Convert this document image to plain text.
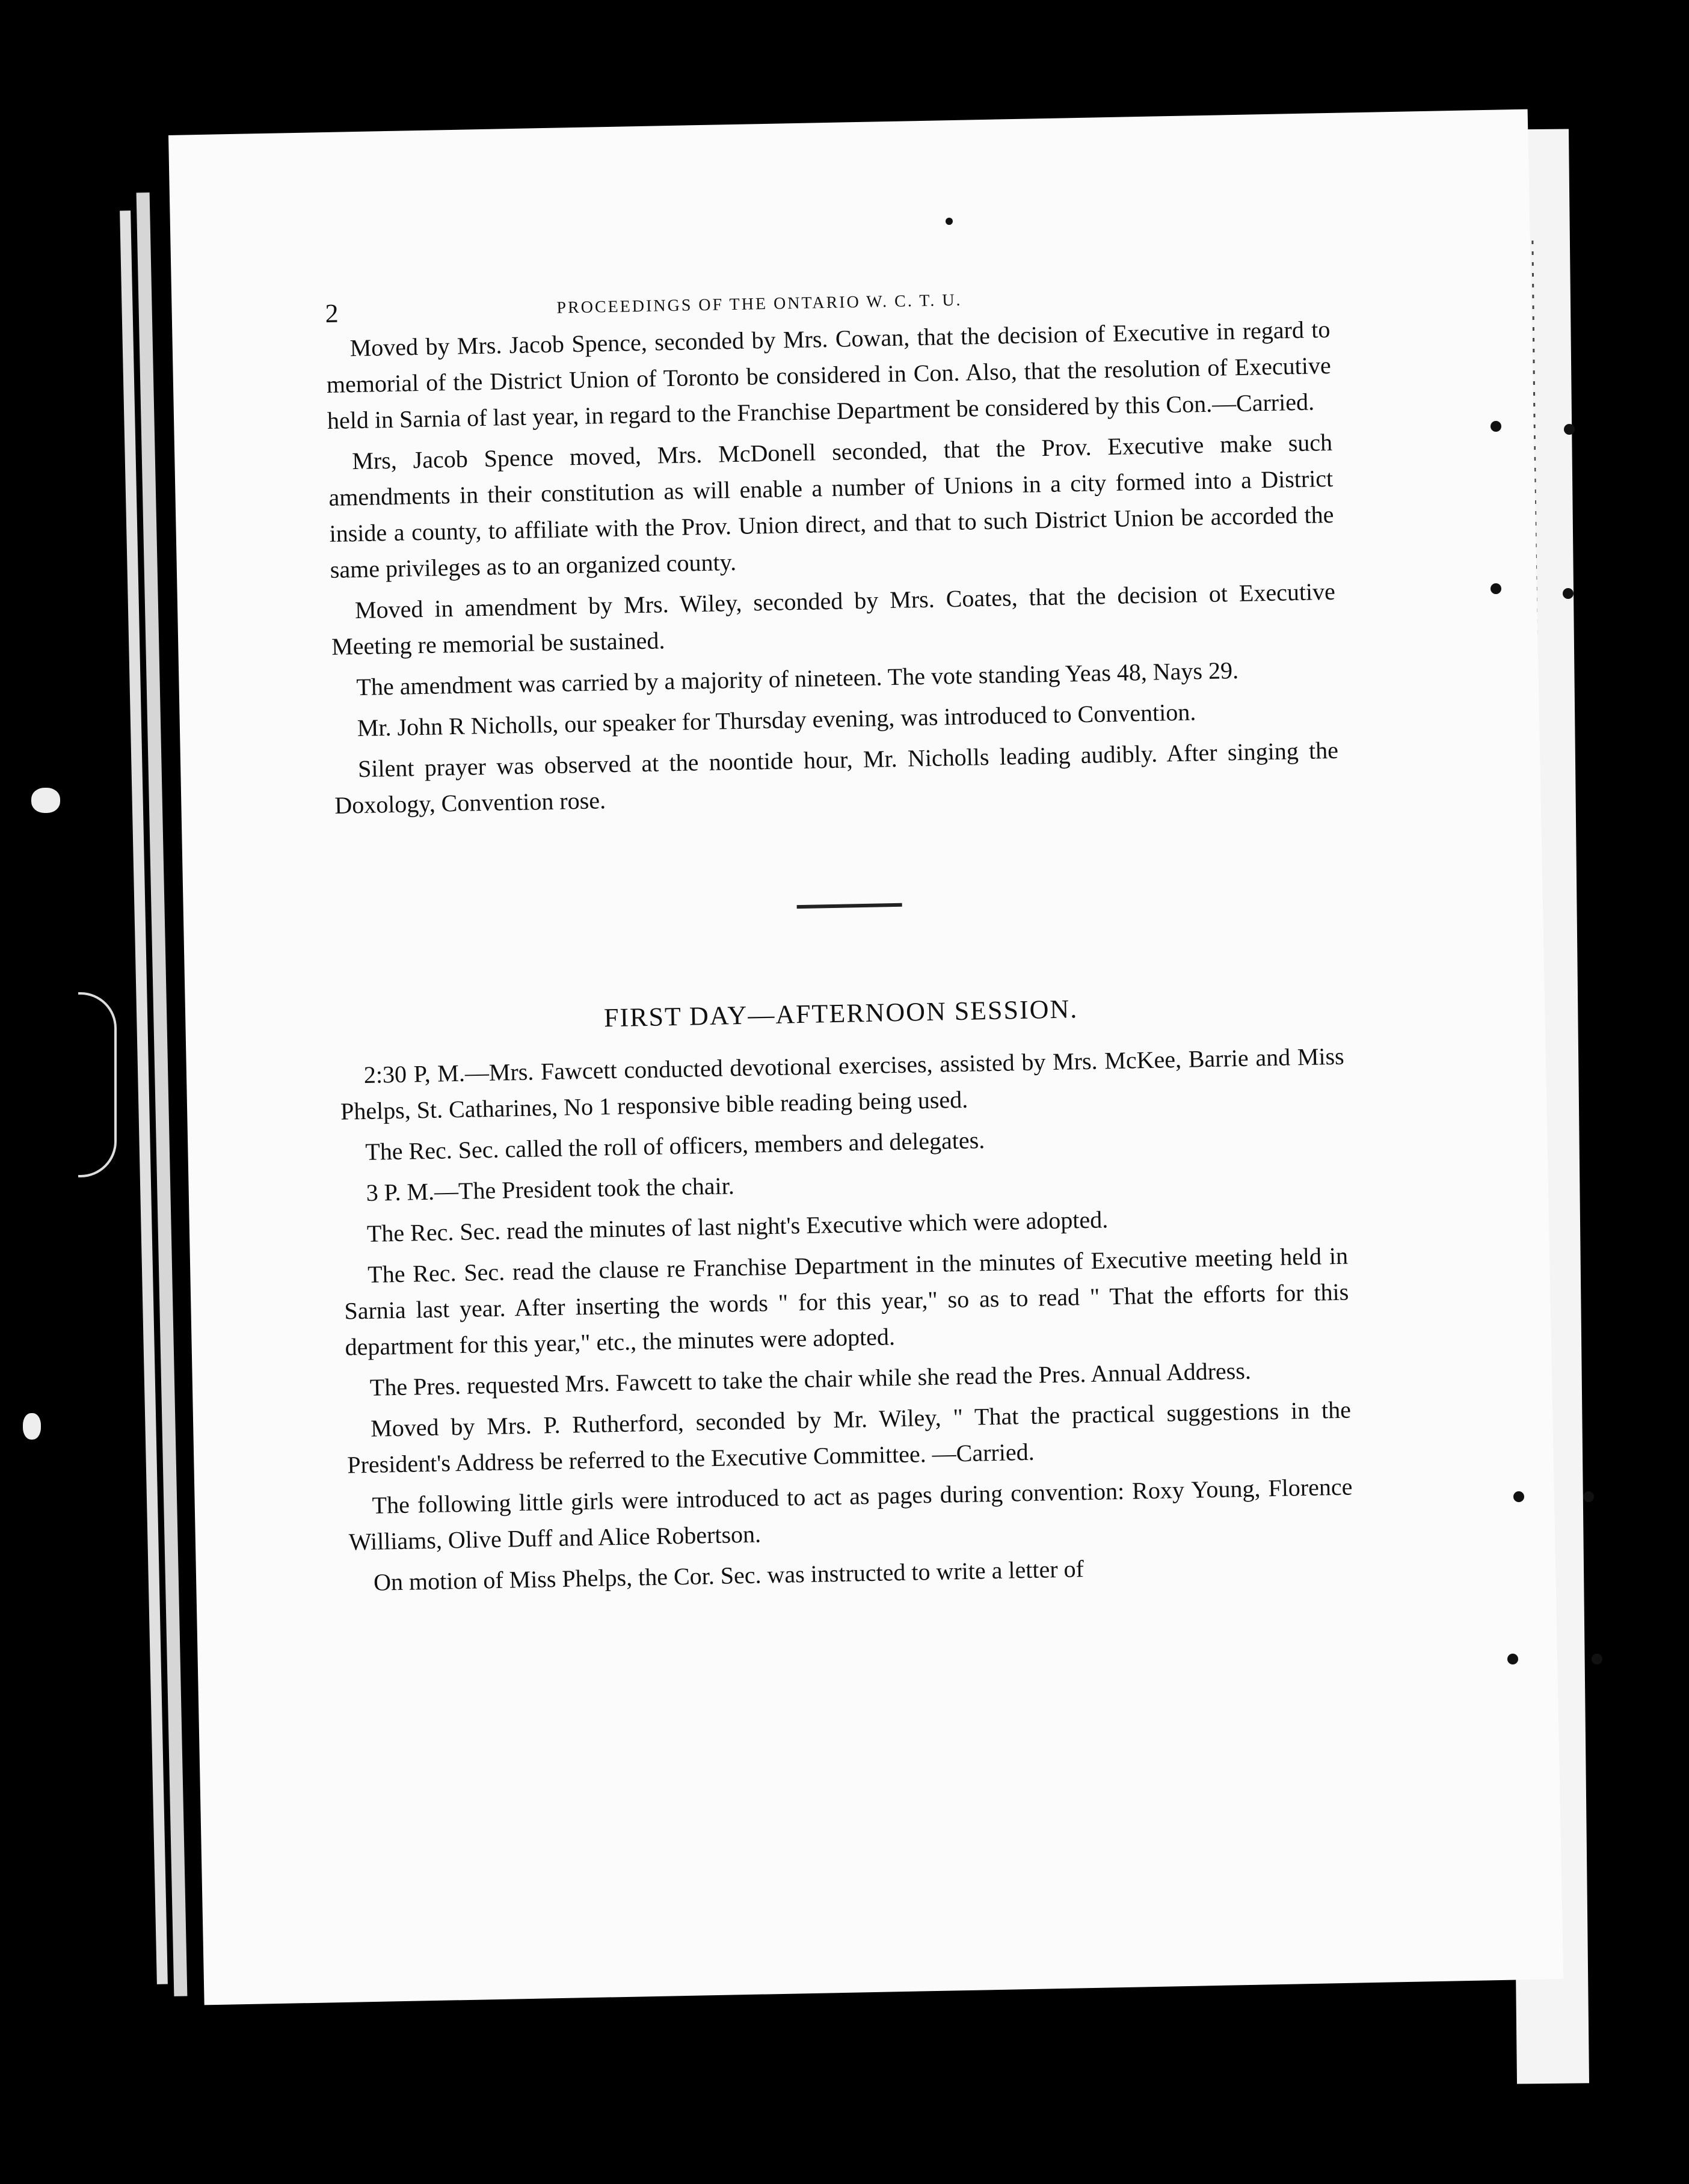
2	PROCEEDINGS OF THE ONTARIO W. C. T. U.

Moved by Mrs. Jacob Spence, seconded by Mrs. Cowan, that the decision of Executive in regard to memorial of the District Union of Toronto be considered in Con. Also, that the resolution of Executive held in Sarnia of last year, in regard to the Franchise Department be considered by this Con.—Carried.

Mrs, Jacob Spence moved, Mrs. McDonell seconded, that the Prov. Executive make such amendments in their constitution as will enable a number of Unions in a city formed into a District inside a county, to affiliate with the Prov. Union direct, and that to such District Union be accorded the same privileges as to an organized county.

Moved in amendment by Mrs. Wiley, seconded by Mrs. Coates, that the decision ot Executive Meeting re memorial be sustained.

The amendment was carried by a majority of nineteen. The vote standing Yeas 48, Nays 29.

Mr. John R Nicholls, our speaker for Thursday evening, was introduced to Convention.

Silent prayer was observed at the noontide hour, Mr. Nicholls leading audibly. After singing the Doxology, Convention rose.

FIRST DAY—AFTERNOON SESSION.

2:30 P, M.—Mrs. Fawcett conducted devotional exercises, assisted by Mrs. McKee, Barrie and Miss Phelps, St. Catharines, No 1 responsive bible reading being used.

The Rec. Sec. called the roll of officers, members and delegates.

3 P. M.—The President took the chair.

The Rec. Sec. read the minutes of last night's Executive which were adopted.

The Rec. Sec. read the clause re Franchise Department in the minutes of Executive meeting held in Sarnia last year. After inserting the words " for this year," so as to read " That the efforts for this department for this year," etc., the minutes were adopted.

The Pres. requested Mrs. Fawcett to take the chair while she read the Pres. Annual Address.

Moved by Mrs. P. Rutherford, seconded by Mr. Wiley, " That the practical suggestions in the President's Address be referred to the Executive Committee. —Carried.

The following little girls were introduced to act as pages during convention: Roxy Young, Florence Williams, Olive Duff and Alice Robertson.

On motion of Miss Phelps, the Cor. Sec. was instructed to write a letter of
